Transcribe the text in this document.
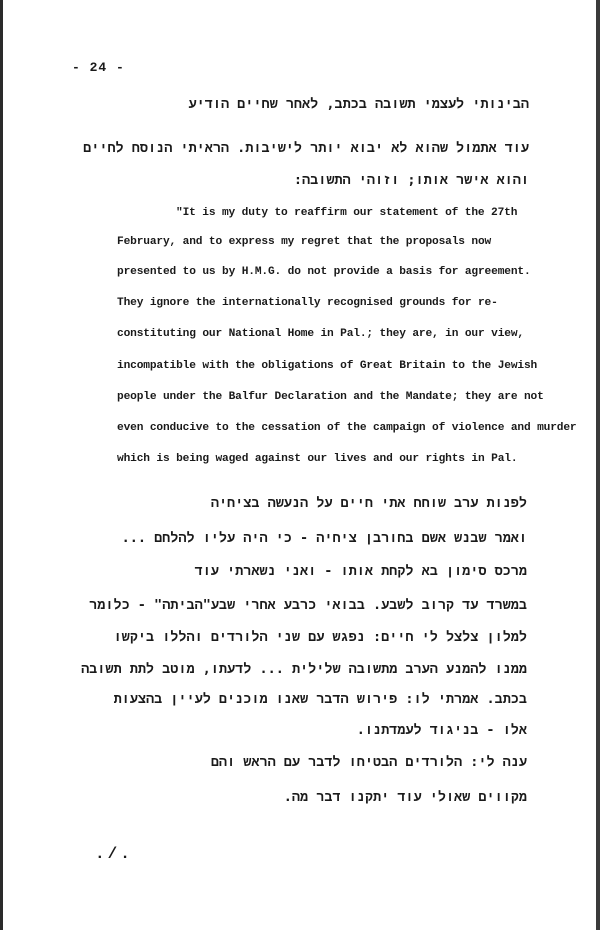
- 24 -
הבינותי לעצמי תשובה בכתב, לאחר שחיים הודיע
עוד אתמול שהוא לא יבוא יותר לישיבות. הראיתי הנוסח לחיים
והוא אישר אותו; וזוהי התשובה:
"It is my duty to reaffirm our statement of the 27th
February, and to express my regret that the proposals now
presented to us by H.M.G. do not provide a basis for agreement.
They ignore the internationally recognised grounds for re-
constituting our National Home in Pal.; they are, in our view,
incompatible with the obligations of Great Britain to the Jewish
people under the Balfur Declaration and the Mandate; they are not
even conducive to the cessation of the campaign of violence and murder
which is being waged against our lives and our rights in Pal.
לפנות ערב שוחח אתי חיים על הנעשה בציחיה
ואמר שבנש אשם בחורבן ציחיה - כי היה עליו להלחם ...
מרכס סימון בא לקחת אותו - ואני נשארתי עוד
במשרד עד קרוב לשבע. בבואי כרבע אחרי שבע"הביתה" - כלומר
למלון צלצל לי חיים: נפגש עם שני הלורדים והללו ביקשו
ממנו להמנע הערב מתשובה שלילית ... לדעתו, מוטב לתת תשובה
בכתב. אמרתי לו: פירוש הדבר שאנו מוכנים לעיין בהצעות
אלו - בניגוד לעמדתנו.
ענה לי: הלורדים הבטיחו לדבר עם הראש והם
מקווים שאולי עוד יתקנו דבר מה.
./.
